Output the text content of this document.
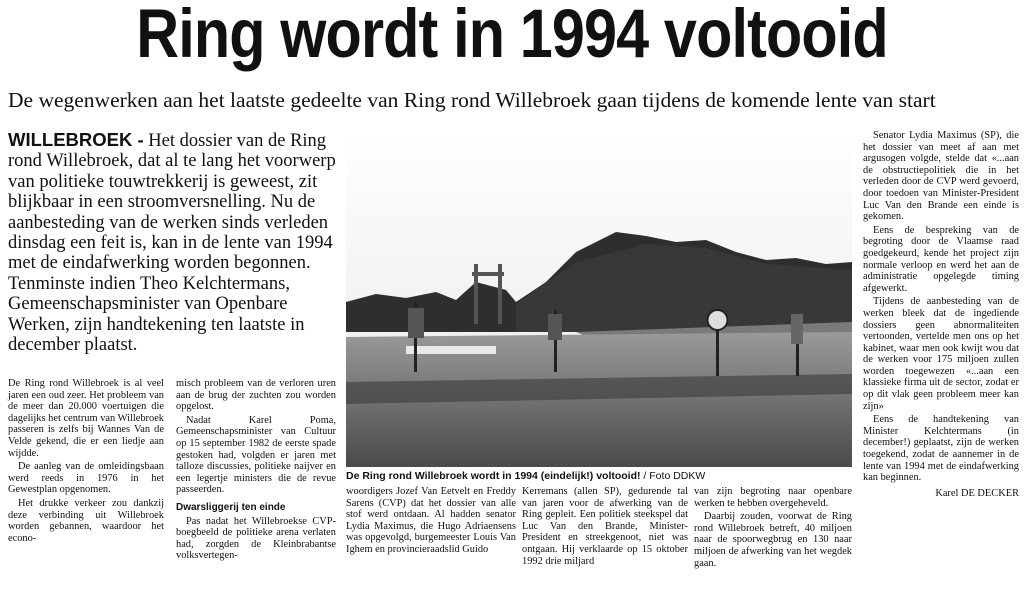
Ring wordt in 1994 voltooid
De wegenwerken aan het laatste gedeelte van Ring rond Willebroek gaan tijdens de komende lente van start
WILLEBROEK - Het dossier van de Ring rond Willebroek, dat al te lang het voorwerp van politieke touwtrekkerij is geweest, zit blijkbaar in een stroomversnelling. Nu de aanbesteding van de werken sinds verleden dinsdag een feit is, kan in de lente van 1994 met de eindafwerking worden begonnen. Tenminste indien Theo Kelchtermans, Gemeenschapsminister van Openbare Werken, zijn handtekening ten laatste in december plaatst.

De Ring rond Willebroek is al veel jaren een oud zeer. Het probleem van de meer dan 20.000 voertuigen die dagelijks het centrum van Willebroek passeren is zelfs bij Wannes Van de Velde gekend, die er een liedje aan wijdde.

De aanleg van de omleidingsbaan werd reeds in 1976 in het Gewestplan opgenomen.

Het drukke verkeer zou dankzij deze verbinding uit Willebroek worden gebannen, waardoor het econo-

misch probleem van de verloren uren aan de brug der zuchten zou worden opgelost.

Nadat Karel Poma, Gemeenschapsminister van Cultuur op 15 september 1982 de eerste spade gestoken had, volgden er jaren met talloze discussies, politieke naijver en een legertje ministers die de revue passeerden.

Dwarsliggerij ten einde

Pas nadat het Willebroekse CVP-boegbeeld de politieke arena verlaten had, zorgden de Kleinbrabantse volksvertegen-

De Ring rond Willebroek wordt in 1994 (eindelijk!) voltooid! / Foto DDKW

woordigers Jozef Van Eetvelt en Freddy Sarens (CVP) dat het dossier van alle stof werd ontdaan. Al hadden senator Lydia Maximus, die Hugo Adriaensens was opgevolgd, burgemeester Louis Van Ighem en provincieraadslid Guido

Kerremans (allen SP), gedurende tal van jaren voor de afwerking van de Ring gepleit. Een politiek steekspel dat Luc Van den Brande, Minister-President en streekgenoot, niet was ontgaan. Hij verklaarde op 15 oktober 1992 drie miljard

van zijn begroting naar openbare werken te hebben overgeheveld.

Daarbij zouden, voorwat de Ring rond Willebroek betreft, 40 miljoen naar de spoorwegbrug en 130 naar miljoen de afwerking van het wegdek gaan.

Senator Lydia Maximus (SP), die het dossier van meet af aan met argusogen volgde, stelde dat «...aan de obstructiepolitiek die in het verleden door de CVP werd gevoerd, door toedoen van Minister-President Luc Van den Brande een einde is gekomen.

Eens de bespreking van de begroting door de Vlaamse raad goedgekeurd, kende het project zijn normale verloop en werd het aan de administratie opgelegde timing afgewerkt.

Tijdens de aanbesteding van de werken bleek dat de ingediende dossiers geen abnormaliteiten vertoonden, vertelde men ons op het kabinet, waar men ook kwijt wou dat de werken voor 175 miljoen zullen worden toegewezen «...aan een klassieke firma uit de sector, zodat er op dit vlak geen probleem meer kan zijn»

Eens de handtekening van Minister Kelchtermans (in december!) geplaatst, zijn de werken toegekend, zodat de aannemer in de lente van 1994 met de eindafwerking kan beginnen.

Karel DE DECKER
